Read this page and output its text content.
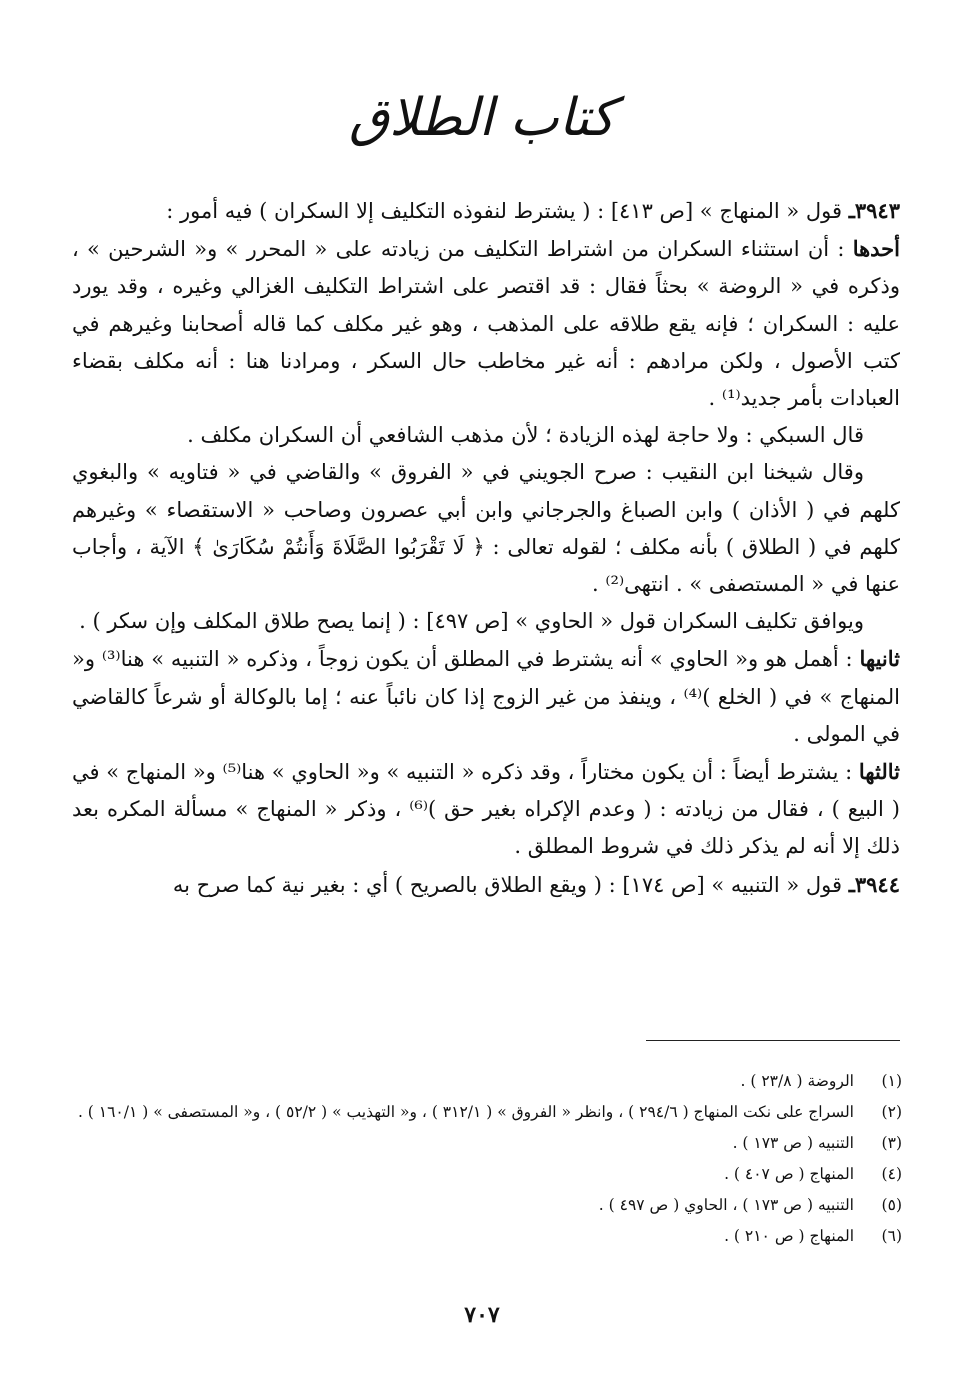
كتاب الطلاق

٣٩٤٣ـ قول « المنهاج » [ص ٤١٣] : ( يشترط لنفوذه التكليف إلا السكران ) فيه أمور :

أحدها : أن استثناء السكران من اشتراط التكليف من زيادته على « المحرر » و« الشرحين » ، وذكره في « الروضة » بحثاً فقال : قد اقتصر على اشتراط التكليف الغزالي وغيره ، وقد يورد عليه : السكران ؛ فإنه يقع طلاقه على المذهب ، وهو غير مكلف كما قاله أصحابنا وغيرهم في كتب الأصول ، ولكن مرادهم : أنه غير مخاطب حال السكر ، ومرادنا هنا : أنه مكلف بقضاء العبادات بأمر جديد⁽¹⁾ .

قال السبكي : ولا حاجة لهذه الزيادة ؛ لأن مذهب الشافعي أن السكران مكلف .

وقال شيخنا ابن النقيب : صرح الجويني في « الفروق » والقاضي في « فتاويه » والبغوي كلهم في ( الأذان ) وابن الصباغ والجرجاني وابن أبي عصرون وصاحب « الاستقصاء » وغيرهم كلهم في ( الطلاق ) بأنه مكلف ؛ لقوله تعالى : ﴿ لَا تَقْرَبُوا الصَّلَاةَ وَأَنتُمْ سُكَارَىٰ ﴾ الآية ، وأجاب عنها في « المستصفى » . انتهى⁽²⁾ .

ويوافق تكليف السكران قول « الحاوي » [ص ٤٩٧] : ( إنما يصح طلاق المكلف وإن سكر ) .

ثانيها : أهمل هو و« الحاوي » أنه يشترط في المطلق أن يكون زوجاً ، وذكره « التنبيه » هنا⁽³⁾ و« المنهاج » في ( الخلع )⁽⁴⁾ ، وينفذ من غير الزوج إذا كان نائباً عنه ؛ إما بالوكالة أو شرعاً كالقاضي في المولى .

ثالثها : يشترط أيضاً : أن يكون مختاراً ، وقد ذكره « التنبيه » و« الحاوي » هنا⁽⁵⁾ و« المنهاج » في ( البيع ) ، فقال من زيادته : ( وعدم الإكراه بغير حق )⁽⁶⁾ ، وذكر « المنهاج » مسألة المكره بعد ذلك إلا أنه لم يذكر ذلك في شروط المطلق .

٣٩٤٤ـ قول « التنبيه » [ص ١٧٤] : ( ويقع الطلاق بالصريح ) أي : بغير نية كما صرح به

(١)
الروضة ( ٢٣/٨ ) .
(٢)
السراج على نكت المنهاج ( ٢٩٤/٦ ) ، وانظر « الفروق » ( ٣١٢/١ ) ، و« التهذيب » ( ٥٢/٢ ) ، و« المستصفى » ( ١٦٠/١ ) .
(٣)
التنبيه ( ص ١٧٣ ) .
(٤)
المنهاج ( ص ٤٠٧ ) .
(٥)
التنبيه ( ص ١٧٣ ) ، الحاوي ( ص ٤٩٧ ) .
(٦)
المنهاج ( ص ٢١٠ ) .
٧٠٧
